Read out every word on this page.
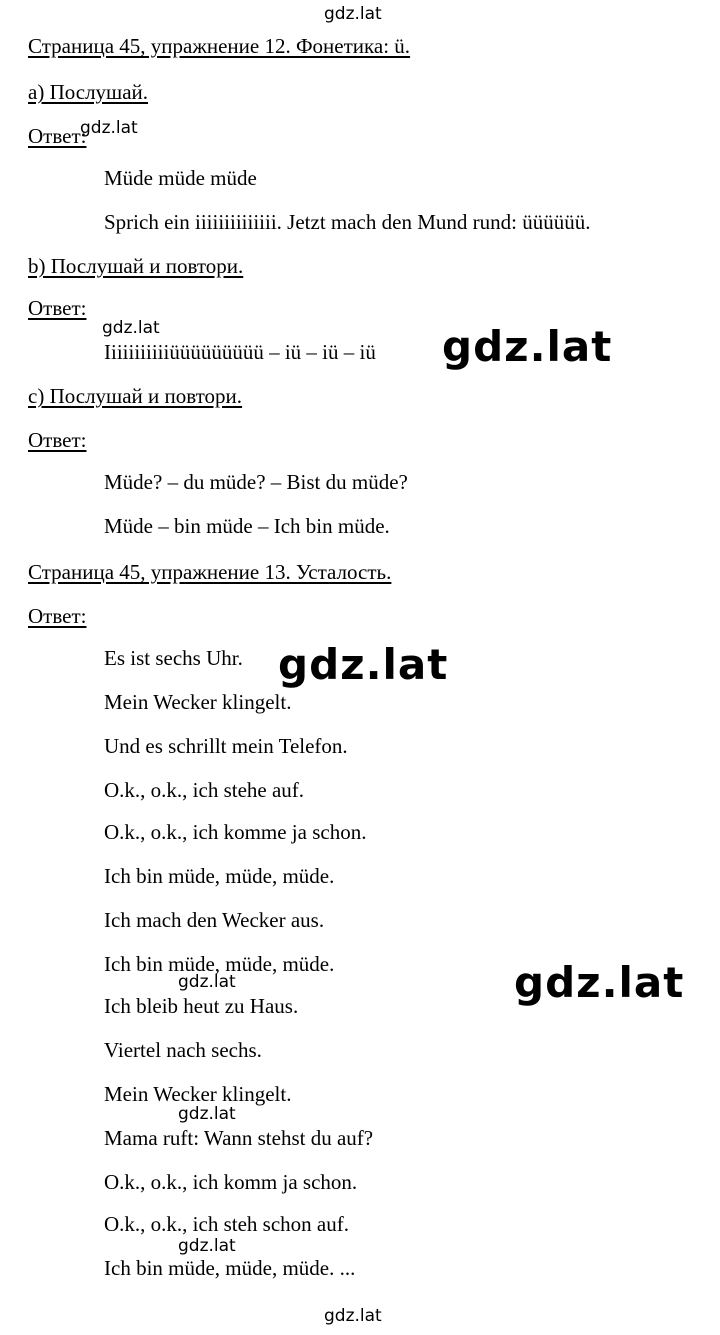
Страница 45, упражнение 12. Фонетика: ü.
а) Послушай.
Ответ:
Müde müde müde
Sprich ein iiiiiiiiiiiiii. Jetzt mach den Mund rund: üüüüüü.
b) Послушай и повтори.
Ответ:
Iiiiiiiiiiiüüüüüüüüü – iü – iü – iü
с) Послушай и повтори.
Ответ:
Müde? – du müde? – Bist du müde?
Müde – bin müde – Ich bin müde.
Страница 45, упражнение 13. Усталость.
Ответ:
Es ist sechs Uhr.
Mein Wecker klingelt.
Und es schrillt mein Telefon.
O.k., o.k., ich stehe auf.
O.k., o.k., ich komme ja schon.
Ich bin müde, müde, müde.
Ich mach den Wecker aus.
Ich bin müde, müde, müde.
Ich bleib heut zu Haus.
Viertel nach sechs.
Mein Wecker klingelt.
Mama ruft: Wann stehst du auf?
O.k., o.k., ich komm ja schon.
O.k., o.k., ich steh schon auf.
Ich bin müde, müde, müde. ...
gdz.lat
gdz.lat
gdz.lat	gdz.lat
gdz.lat
gdz.lat	gdz.lat
gdz.lat
gdz.lat
gdz.lat
